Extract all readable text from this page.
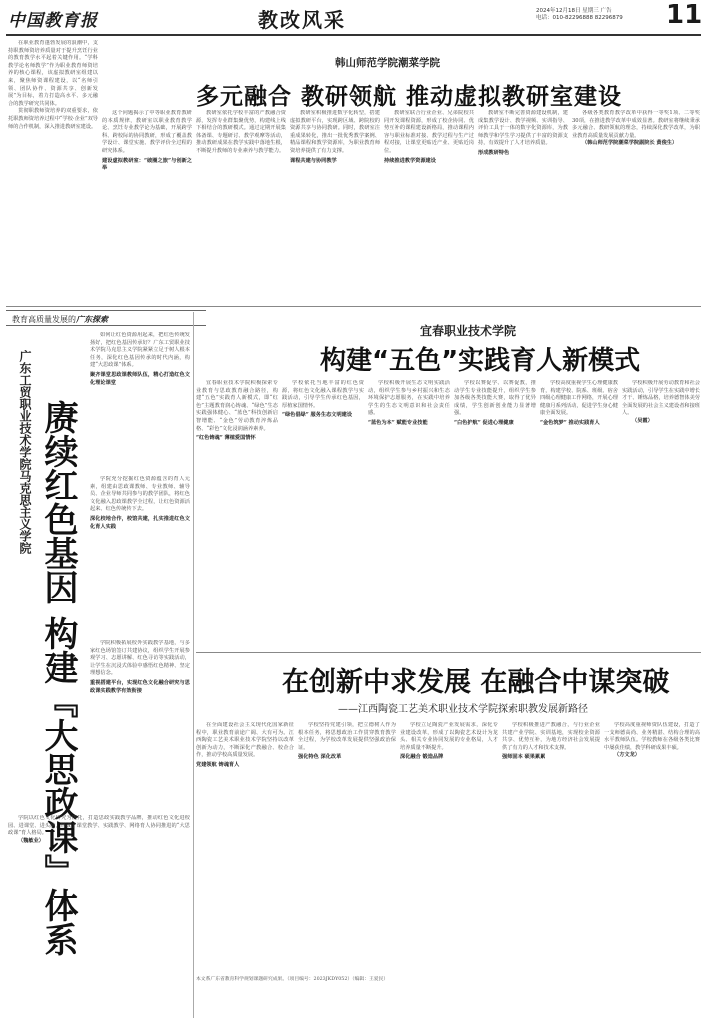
中国教育报	教改风采	2024年12月18日 星期三 广告
电话：010-82296888 82296879 11
韩山师范学院潮菜学院
多元融合 教研领航 推动虚拟教研室建设

在职业教育蓬勃发展的浪潮中，支持职教师资培养质量对于提升烹饪行业的教育教学水平起着关键作用。“学科教学论名师教学”作为职业教育师资培养的核心课程，该虚拟教研室组建以来，聚焦师资课程建设，以“名师引领、团队协作、资源共享、创新发展”为目标，着力打造高水平、多元融合的教学研究共同体。

贯彻职教师资培养的双重要求，依托职教师资培养过程中“学校·企业”双导师的合作机制，深入推进教研室建设。

这个问题揭示了中等职业教育教研的本质规律，教研室以职业教育教学论、烹饪专业教学论为基础，开展跨学科、跨校际的协同教研，形成了覆盖教学设计、课堂实施、教学评价全过程的研究体系。

建设虚拟教研室：“破圈之旅”与创新之举

教研室依托学校丰富的产教融合资源，发挥专业群集聚优势，构建线上线下相结合的教研模式。通过定期开展集体备课、专题研讨、教学观摩等活动，推动教研成果在教学实践中落地生根，不断提升教师的专业素养与教学能力。

教研室积极推进数字化转型，搭建虚拟教研平台，实现跨区域、跨院校的资源共享与协同教研。同时，教研室注重成果转化，推出一批优秀教学案例、精品课程和教学资源库，为职业教育师资培养提供了有力支撑。

课程共建与协同教学

教研室联合行业企业、兄弟院校共同开发课程资源，形成了校企协同、优势互补的课程建设新格局，推动课程内容与职业标准对接、教学过程与生产过程对接，让课堂更贴近产业、更贴近岗位。

持续推进教学资源建设

教研室不断完善资源建设机制，建成集教学设计、教学视频、实训指导、评价工具于一体的数字化资源库，为教师教学和学生学习提供了丰富的资源支持，有效提升了人才培养质量。

形成教研特色

各级各类教育教学改革中获得一等奖1项、二等奖30项，在推进教学改革中成效显著。教研室将继续秉承多元融合、教研领航的理念，持续深化教学改革，为职业教育高质量发展贡献力量。

（韩山师范学院潮菜学院副院长 黄俊生）

教育高质量发展的广东探索
广东工贸职业技术学院马克思主义学院 赓续红色基因 构建『大思政课』体系

如何让红色资源用起来，把红色传统发扬好，把红色基因传承好？广东工贸职业技术学院马克思主义学院紧紧立足于树人根本任务，深化红色基因传承的时代内涵，构建“大思政课”体系。

聚齐课堂思政课教师队伍，精心打造红色文化理论课堂

学院充分挖掘红色资源蕴含的育人元素，组建由思政课教师、专业教师、辅导员、企业导师共同参与的教学团队，将红色文化融入思政课教学全过程，让红色资源活起来、红色传统传下去。

深化校地合作，校馆共建，扎实推进红色文化育人实践

学院积极拓展校外实践教学基地，与多家红色场馆签订共建协议，组织学生开展参观学习、志愿讲解、红色寻访等实践活动，让学生在沉浸式体验中感悟红色精神、坚定理想信念。

重视搭建平台，实现红色文化融合研究与思政课实践教学有效衔接

学院以红色文化研究为依托，打造思政实践教学品牌，推动红色文化进校园、进课堂、进头脑，形成了课堂教学、实践教学、网络育人协同推进的“大思政课”育人格局。

（魏敏业）

宜春职业技术学院
构建“五色”实践育人新模式

宜春职业技术学院积极探索专业教育与思政教育融合路径，构建“五色”实践育人新模式，即“红色”主题教育润心铸魂、“绿色”生态实践强体健心、“蓝色”科技创新启智增能、“金色”劳动教育淬炼品格、“彩色”文化浸润涵养素养。

“红色铸魂” 薄植爱国情怀

学校依托当地丰富的红色资源，将红色文化融入课程教学与实践活动，引导学生传承红色基因，厚植家国情怀。

“绿色倡绿” 服务生态文明建设

学校积极开展生态文明实践活动，组织学生参与乡村振兴和生态环境保护志愿服务，在实践中培养学生的生态文明意识和社会责任感。

“蓝色为本” 赋能专业技能

学校以赛促学、以赛促教，推动学生专业技能提升，组织学生参加各级各类技能大赛，取得了优异成绩，学生创新创业能力显著增强。

“白色护航” 促进心理健康

学校高度重视学生心理健康教育，构建学校、院系、班级、宿舍四级心理健康工作网络，开展心理健康月系列活动，促进学生身心健康全面发展。

“金色筑梦” 推动实践育人

学校积极开展劳动教育和社会实践活动，引导学生在实践中增长才干、锤炼品格，培养德智体美劳全面发展的社会主义建设者和接班人。

（吴霞）

在创新中求发展 在融合中谋突破
——江西陶瓷工艺美术职业技术学院探索职教发展新路径

在全面建设社会主义现代化国家新征程中，职业教育前途广阔、大有可为。江西陶瓷工艺美术职业技术学院坚持以改革创新为动力，不断深化产教融合、校企合作，推动学校高质量发展。

党建领航 铸魂育人

学校坚持党建引领，把立德树人作为根本任务，将思想政治工作贯穿教育教学全过程，为学校改革发展提供坚强政治保证。

强化特色 深化改革

学校立足陶瓷产业发展需求，深化专业建设改革，形成了以陶瓷艺术设计为龙头、相关专业协同发展的专业格局，人才培养质量不断提升。

深化融合 锻造品牌

学校积极推进产教融合，与行业企业共建产业学院、实训基地，实现校企资源共享、优势互补，为地方经济社会发展提供了有力的人才和技术支撑。

强师固本 硕果累累

学校高度重视师资队伍建设，打造了一支师德高尚、业务精湛、结构合理的高水平教师队伍。学校教师在各级各类比赛中屡获佳绩，教学科研成果丰硕。

（方文龙）

本文系广东省教育科学规划课题研究成果。（项目编号：2023JKDY052）（编辑：王爱民）
